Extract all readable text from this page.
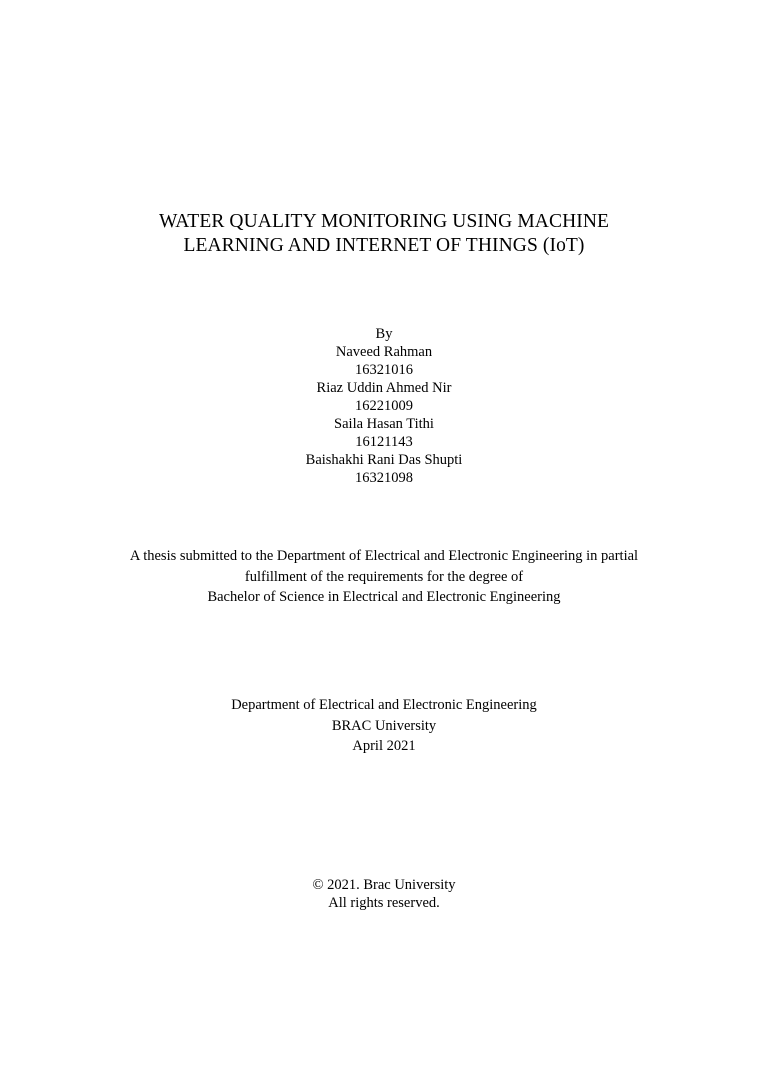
WATER QUALITY MONITORING USING MACHINE
LEARNING AND INTERNET OF THINGS (IoT)
By
Naveed Rahman
16321016
Riaz Uddin Ahmed Nir
16221009
Saila Hasan Tithi
16121143
Baishakhi Rani Das Shupti
16321098
A thesis submitted to the Department of Electrical and Electronic Engineering in partial
fulfillment of the requirements for the degree of
Bachelor of Science in Electrical and Electronic Engineering
Department of Electrical and Electronic Engineering
BRAC University
April 2021
© 2021. Brac University
All rights reserved.
